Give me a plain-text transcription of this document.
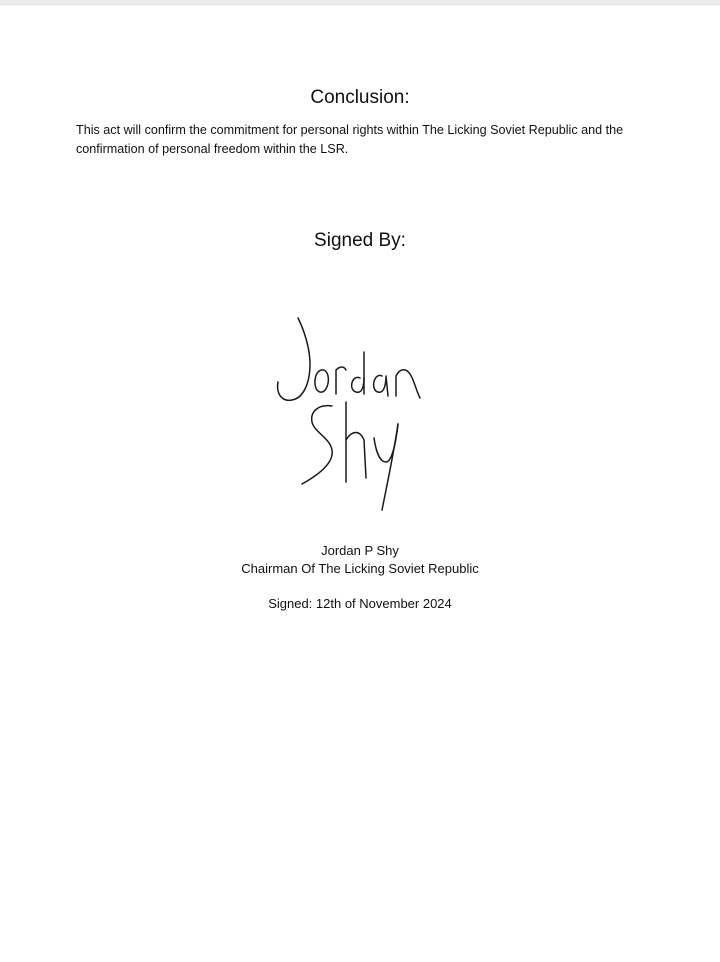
Conclusion:
This act will confirm the commitment for personal rights within The Licking Soviet Republic and the confirmation of personal freedom within the LSR.
Signed By:
Jordan P Shy
Chairman Of The Licking Soviet Republic
Signed: 12th of November 2024
